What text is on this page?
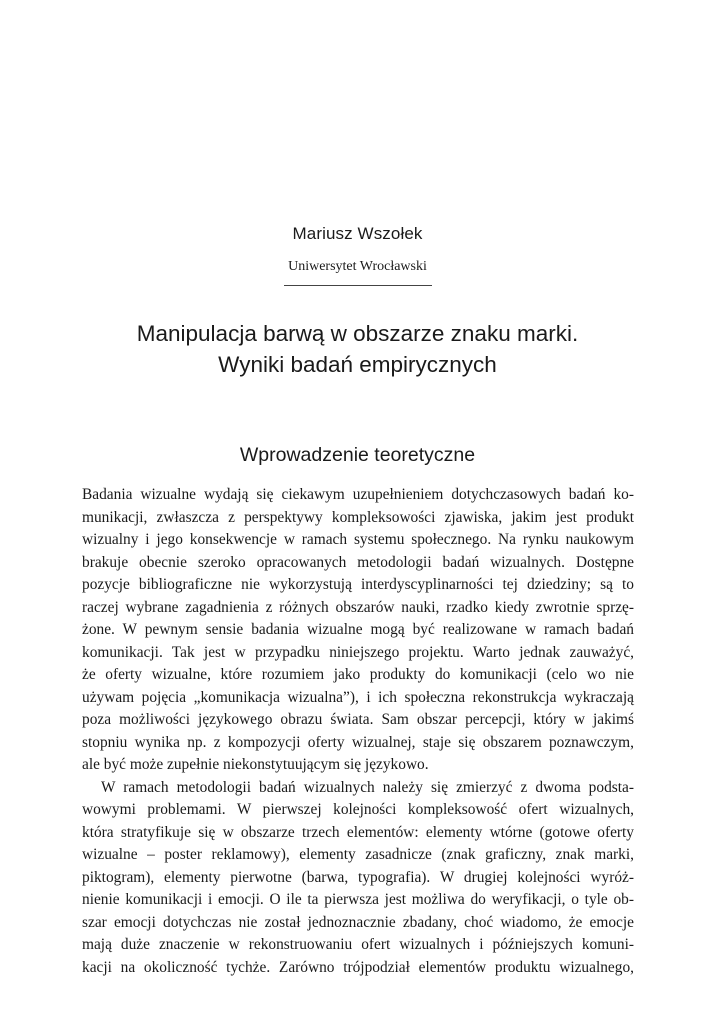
Mariusz Wszołek
Uniwersytet Wrocławski
Manipulacja barwą w obszarze znaku marki.
Wyniki badań empirycznych
Wprowadzenie teoretyczne
Badania wizualne wydają się ciekawym uzupełnieniem dotychczasowych badań ko-
munikacji, zwłaszcza z perspektywy kompleksowości zjawiska, jakim jest produkt
wizualny i jego konsekwencje w ramach systemu społecznego. Na rynku naukowym
brakuje obecnie szeroko opracowanych metodologii badań wizualnych. Dostępne
pozycje bibliograficzne nie wykorzystują interdyscyplinarności tej dziedziny; są to
raczej wybrane zagadnienia z różnych obszarów nauki, rzadko kiedy zwrotnie sprzę-
żone. W pewnym sensie badania wizualne mogą być realizowane w ramach badań
komunikacji. Tak jest w przypadku niniejszego projektu. Warto jednak zauważyć,
że oferty wizualne, które rozumiem jako produkty do komunikacji (celo wo nie
używam pojęcia „komunikacja wizualna”), i ich społeczna rekonstrukcja wykraczają
poza możliwości językowego obrazu świata. Sam obszar percepcji, który w jakimś
stopniu wynika np. z kompozycji oferty wizualnej, staje się obszarem poznawczym,
ale być może zupełnie niekonstytuującym się językowo.
W ramach metodologii badań wizualnych należy się zmierzyć z dwoma podsta-
wowymi problemami. W pierwszej kolejności kompleksowość ofert wizualnych,
która stratyfikuje się w obszarze trzech elementów: elementy wtórne (gotowe oferty
wizualne – poster reklamowy), elementy zasadnicze (znak graficzny, znak marki,
piktogram), elementy pierwotne (barwa, typografia). W drugiej kolejności wyróż-
nienie komunikacji i emocji. O ile ta pierwsza jest możliwa do weryfikacji, o tyle ob-
szar emocji dotychczas nie został jednoznacznie zbadany, choć wiadomo, że emocje
mają duże znaczenie w rekonstruowaniu ofert wizualnych i późniejszych komuni-
kacji na okoliczność tychże. Zarówno trójpodział elementów produktu wizualnego,
